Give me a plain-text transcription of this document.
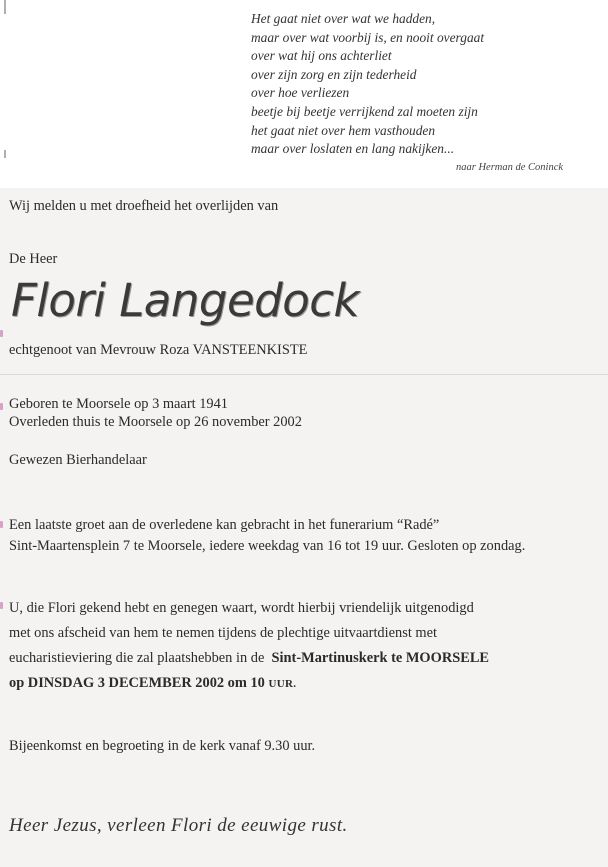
Het gaat niet over wat we hadden,
maar over wat voorbij is, en nooit overgaat
over wat hij ons achterliet
over zijn zorg en zijn tederheid
over hoe verliezen
beetje bij beetje verrijkend zal moeten zijn
het gaat niet over hem vasthouden
maar over loslaten en lang nakijken...
naar Herman de Coninck
Wij melden u met droefheid het overlijden van
De Heer
Flori Langedock
echtgenoot van Mevrouw Roza VANSTEENKISTE
Geboren te Moorsele op 3 maart 1941
Overleden thuis te Moorsele op 26 november 2002
Gewezen Bierhandelaar
Een laatste groet aan de overledene kan gebracht in het funerarium “Radé”
Sint-Maartensplein 7 te Moorsele, iedere weekdag van 16 tot 19 uur. Gesloten op zondag.
U, die Flori gekend hebt en genegen waart, wordt hierbij vriendelijk uitgenodigd
met ons afscheid van hem te nemen tijdens de plechtige uitvaartdienst met
eucharistieviering die zal plaatshebben in de Sint-Martinuskerk te MOORSELE
op DINSDAG 3 DECEMBER 2002 om 10 UUR.
Bijeenkomst en begroeting in de kerk vanaf 9.30 uur.
Heer Jezus, verleen Flori de eeuwige rust.
